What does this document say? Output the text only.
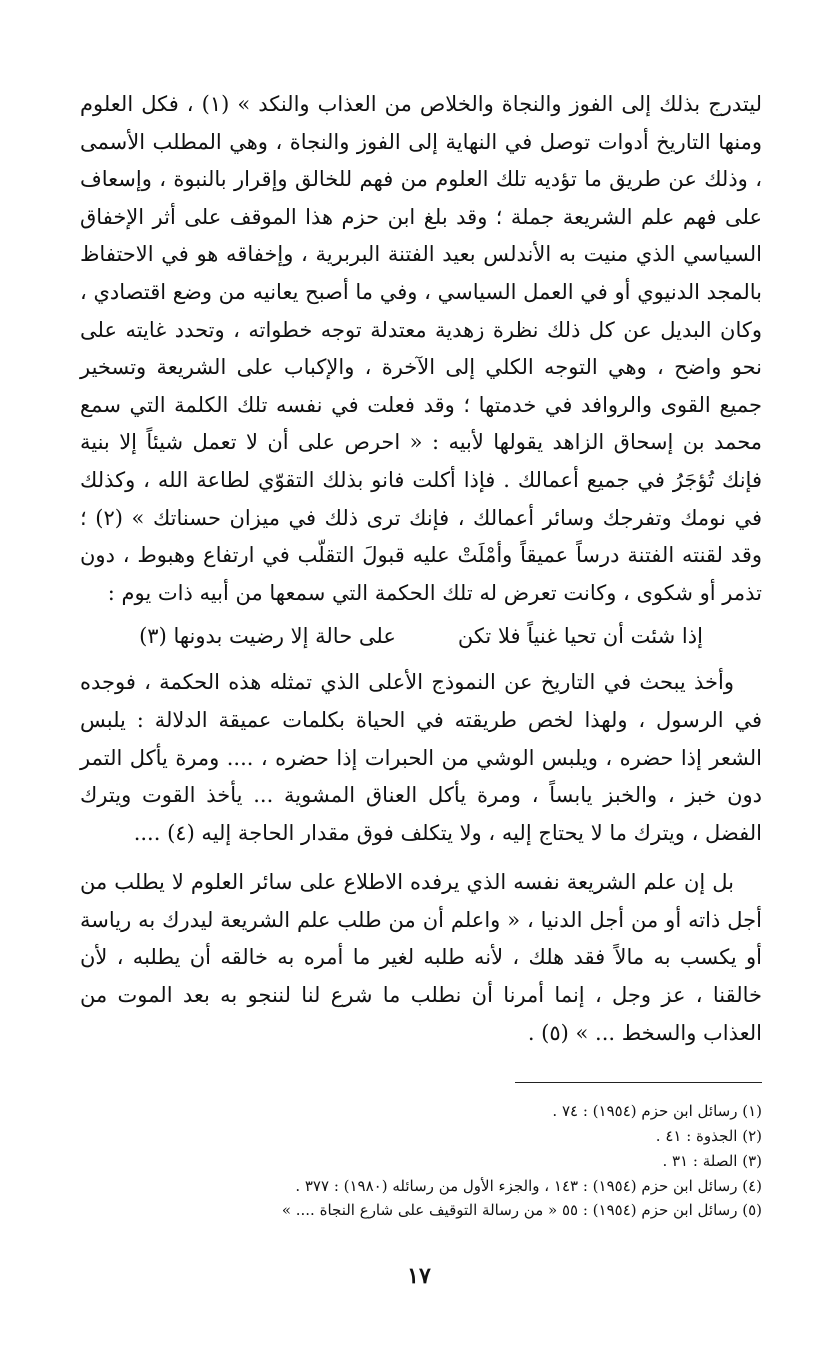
ليتدرج بذلك إلى الفوز والنجاة والخلاص من العذاب والنكد » (١) ، فكل العلوم ومنها التاريخ أدوات توصل في النهاية إلى الفوز والنجاة ، وهي المطلب الأسمى ، وذلك عن طريق ما تؤديه تلك العلوم من فهم للخالق وإقرار بالنبوة ، وإسعاف على فهم علم الشريعة جملة ؛ وقد بلغ ابن حزم هذا الموقف على أثر الإخفاق السياسي الذي منيت به الأندلس بعيد الفتنة البربرية ، وإخفاقه هو في الاحتفاظ بالمجد الدنيوي أو في العمل السياسي ، وفي ما أصبح يعانيه من وضع اقتصادي ، وكان البديل عن كل ذلك نظرة زهدية معتدلة توجه خطواته ، وتحدد غايته على نحو واضح ، وهي التوجه الكلي إلى الآخرة ، والإكباب على الشريعة وتسخير جميع القوى والروافد في خدمتها ؛ وقد فعلت في نفسه تلك الكلمة التي سمع محمد بن إسحاق الزاهد يقولها لأبيه : « احرص على أن لا تعمل شيئاً إلا بنية فإنك تُؤجَرُ في جميع أعمالك . فإذا أكلت فانو بذلك التقوّي لطاعة الله ، وكذلك في نومك وتفرجك وسائر أعمالك ، فإنك ترى ذلك في ميزان حسناتك » (٢) ؛ وقد لقنته الفتنة درساً عميقاً وأمْلَتْ عليه قبولَ التقلّب في ارتفاع وهبوط ، دون تذمر أو شكوى ، وكانت تعرض له تلك الحكمة التي سمعها من أبيه ذات يوم :

إذا شئت أن تحيا غنياً فلا تكن
على حالة إلا رضيت بدونها (٣)

وأخذ يبحث في التاريخ عن النموذج الأعلى الذي تمثله هذه الحكمة ، فوجده في الرسول ، ولهذا لخص طريقته في الحياة بكلمات عميقة الدلالة : يلبس الشعر إذا حضره ، ويلبس الوشي من الحبرات إذا حضره ، .... ومرة يأكل التمر دون خبز ، والخبز يابساً ، ومرة يأكل العناق المشوية ... يأخذ القوت ويترك الفضل ، ويترك ما لا يحتاج إليه ، ولا يتكلف فوق مقدار الحاجة إليه (٤) ....

بل إن علم الشريعة نفسه الذي يرفده الاطلاع على سائر العلوم لا يطلب من أجل ذاته أو من أجل الدنيا ، « واعلم أن من طلب علم الشريعة ليدرك به رياسة أو يكسب به مالاً فقد هلك ، لأنه طلبه لغير ما أمره به خالقه أن يطلبه ، لأن خالقنا ، عز وجل ، إنما أمرنا أن نطلب ما شرع لنا لننجو به بعد الموت من العذاب والسخط ... » (٥) .

(١) رسائل ابن حزم (١٩٥٤) : ٧٤ .

(٢) الجذوة : ٤١ .

(٣) الصلة : ٣١ .

(٤) رسائل ابن حزم (١٩٥٤) : ١٤٣ ، والجزء الأول من رسائله (١٩٨٠) : ٣٧٧ .

(٥) رسائل ابن حزم (١٩٥٤) : ٥٥ « من رسالة التوقيف على شارع النجاة .... »

١٧
